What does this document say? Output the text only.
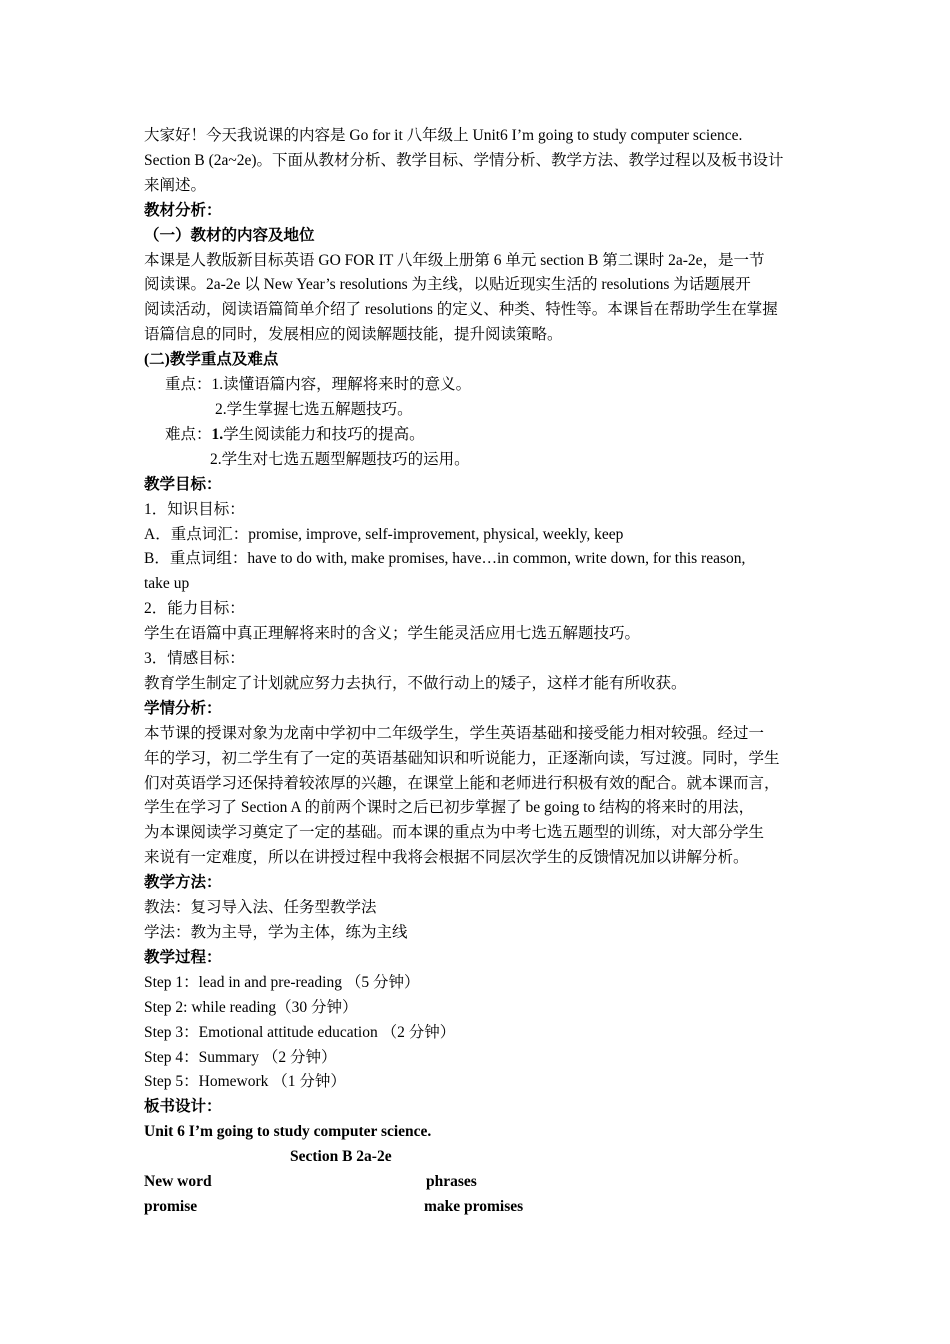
大家好！今天我说课的内容是 Go for it 八年级上 Unit6 I’m going to study computer science.

Section B (2a~2e)。下面从教材分析、教学目标、学情分析、教学方法、教学过程以及板书设计

来阐述。

教材分析：

（一）教材的内容及地位

本课是人教版新目标英语 GO FOR IT 八年级上册第 6 单元 section B 第二课时 2a-2e，是一节

阅读课。2a-2e 以 New Year’s resolutions 为主线，以贴近现实生活的 resolutions 为话题展开

阅读活动，阅读语篇简单介绍了 resolutions 的定义、种类、特性等。本课旨在帮助学生在掌握

语篇信息的同时，发展相应的阅读解题技能，提升阅读策略。

(二)教学重点及难点

重点：1.读懂语篇内容，理解将来时的意义。

2.学生掌握七选五解题技巧。

难点：1.学生阅读能力和技巧的提高。

2.学生对七选五题型解题技巧的运用。

教学目标：

1．知识目标：

A．重点词汇：promise, improve, self-improvement, physical, weekly, keep

B．重点词组：have to do with, make promises, have…in common, write down, for this reason,

take up

2．能力目标：

学生在语篇中真正理解将来时的含义；学生能灵活应用七选五解题技巧。

3．情感目标：

教育学生制定了计划就应努力去执行，不做行动上的矮子，这样才能有所收获。

学情分析：

本节课的授课对象为龙南中学初中二年级学生，学生英语基础和接受能力相对较强。经过一

年的学习，初二学生有了一定的英语基础知识和听说能力，正逐渐向读，写过渡。同时，学生

们对英语学习还保持着较浓厚的兴趣，在课堂上能和老师进行积极有效的配合。就本课而言，

学生在学习了 Section A 的前两个课时之后已初步掌握了 be going to 结构的将来时的用法，

为本课阅读学习奠定了一定的基础。而本课的重点为中考七选五题型的训练，对大部分学生

来说有一定难度，所以在讲授过程中我将会根据不同层次学生的反馈情况加以讲解分析。

教学方法：

教法：复习导入法、任务型教学法

学法：教为主导，学为主体，练为主线

教学过程：

Step 1：lead in and pre-reading （5 分钟）

Step 2: while reading（30 分钟）

Step 3：Emotional attitude education （2 分钟）

Step 4：Summary （2 分钟）

Step 5：Homework （1 分钟）

板书设计：

Unit 6 I’m going to study computer science.

Section B 2a-2e

New word	phrases

promise	make promises
